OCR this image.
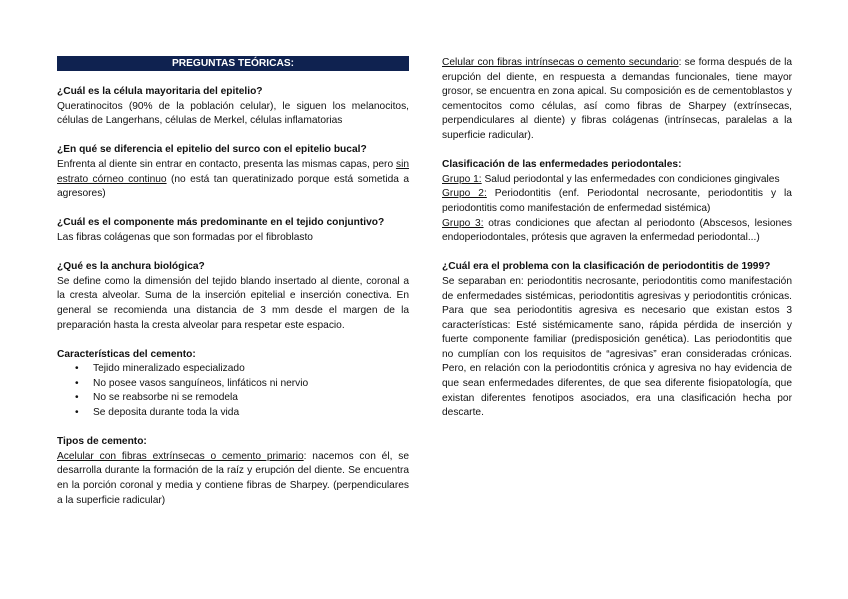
PREGUNTAS TEÓRICAS:

¿Cuál es la célula mayoritaria del epitelio?

Queratinocitos (90% de la población celular), le siguen los melanocitos, células de Langerhans, células de Merkel, células inflamatorias

¿En qué se diferencia el epitelio del surco con el epitelio bucal?

Enfrenta al diente sin entrar en contacto, presenta las mismas capas, pero sin estrato córneo continuo (no está tan queratinizado porque está sometida a agresores)

¿Cuál es el componente más predominante en el tejido conjuntivo?

Las fibras colágenas que son formadas por el fibroblasto

¿Qué es la anchura biológica?

Se define como la dimensión del tejido blando insertado al diente, coronal a la cresta alveolar. Suma de la inserción epitelial e inserción conectiva. En general se recomienda una distancia de 3 mm desde el margen de la preparación hasta la cresta alveolar para respetar este espacio.

Características del cemento:

• Tejido mineralizado especializado
• No posee vasos sanguíneos, linfáticos ni nervio
• No se reabsorbe ni se remodela
• Se deposita durante toda la vida

Tipos de cemento:

Acelular con fibras extrínsecas o cemento primario: nacemos con él, se desarrolla durante la formación de la raíz y erupción del diente. Se encuentra en la porción coronal y media y contiene fibras de Sharpey. (perpendiculares a la superficie radicular)

Celular con fibras intrínsecas o cemento secundario: se forma después de la erupción del diente, en respuesta a demandas funcionales, tiene mayor grosor, se encuentra en zona apical. Su composición es de cementoblastos y cementocitos como células, así como fibras de Sharpey (extrínsecas, perpendiculares al diente) y fibras colágenas (intrínsecas, paralelas a la superficie radicular).

Clasificación de las enfermedades periodontales:

Grupo 1: Salud periodontal y las enfermedades con condiciones gingivales

Grupo 2: Periodontitis (enf. Periodontal necrosante, periodontitis y la periodontitis como manifestación de enfermedad sistémica)

Grupo 3: otras condiciones que afectan al periodonto (Abscesos, lesiones endoperiodontales, prótesis que agraven la enfermedad periodontal...)

¿Cuál era el problema con la clasificación de periodontitis de 1999?

Se separaban en: periodontitis necrosante, periodontitis como manifestación de enfermedades sistémicas, periodontitis agresivas y periodontitis crónicas. Para que sea periodontitis agresiva es necesario que existan estos 3 características: Esté sistémicamente sano, rápida pérdida de inserción y fuerte componente familiar (predisposición genética). Las periodontitis que no cumplían con los requisitos de “agresivas” eran consideradas crónicas. Pero, en relación con la periodontitis crónica y agresiva no hay evidencia de que sean enfermedades diferentes, de que sea diferente fisiopatología, que existan diferentes fenotipos asociados, era una clasificación hecha por descarte.
